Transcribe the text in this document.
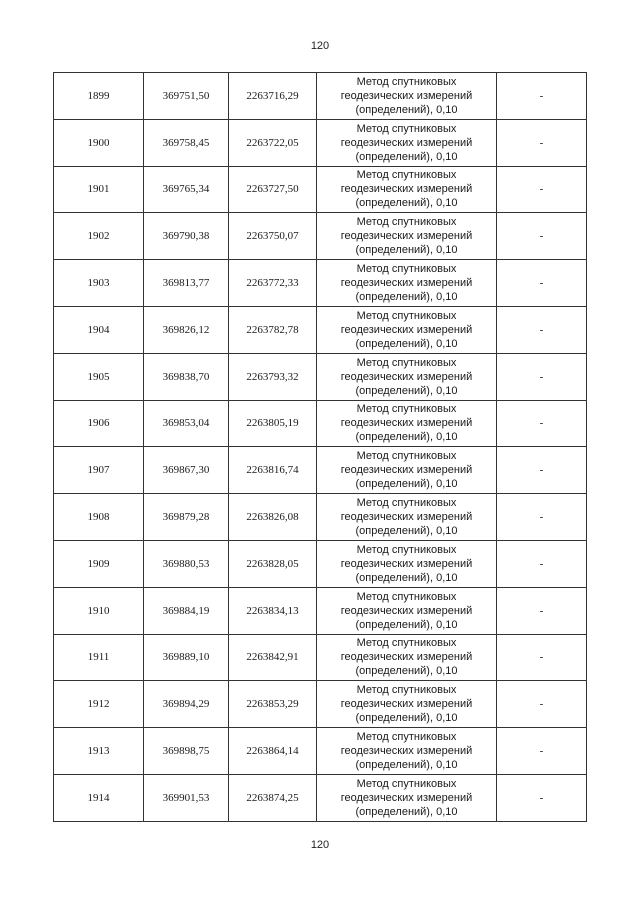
120
1899	369751,50	2263716,29	Метод спутниковых
геодезических измерений
(определений), 0,10	-
1900	369758,45	2263722,05	Метод спутниковых
геодезических измерений
(определений), 0,10	-
1901	369765,34	2263727,50	Метод спутниковых
геодезических измерений
(определений), 0,10	-
1902	369790,38	2263750,07	Метод спутниковых
геодезических измерений
(определений), 0,10	-
1903	369813,77	2263772,33	Метод спутниковых
геодезических измерений
(определений), 0,10	-
1904	369826,12	2263782,78	Метод спутниковых
геодезических измерений
(определений), 0,10	-
1905	369838,70	2263793,32	Метод спутниковых
геодезических измерений
(определений), 0,10	-
1906	369853,04	2263805,19	Метод спутниковых
геодезических измерений
(определений), 0,10	-
1907	369867,30	2263816,74	Метод спутниковых
геодезических измерений
(определений), 0,10	-
1908	369879,28	2263826,08	Метод спутниковых
геодезических измерений
(определений), 0,10	-
1909	369880,53	2263828,05	Метод спутниковых
геодезических измерений
(определений), 0,10	-
1910	369884,19	2263834,13	Метод спутниковых
геодезических измерений
(определений), 0,10	-
1911	369889,10	2263842,91	Метод спутниковых
геодезических измерений
(определений), 0,10	-
1912	369894,29	2263853,29	Метод спутниковых
геодезических измерений
(определений), 0,10	-
1913	369898,75	2263864,14	Метод спутниковых
геодезических измерений
(определений), 0,10	-
1914	369901,53	2263874,25	Метод спутниковых
геодезических измерений
(определений), 0,10	-
120
